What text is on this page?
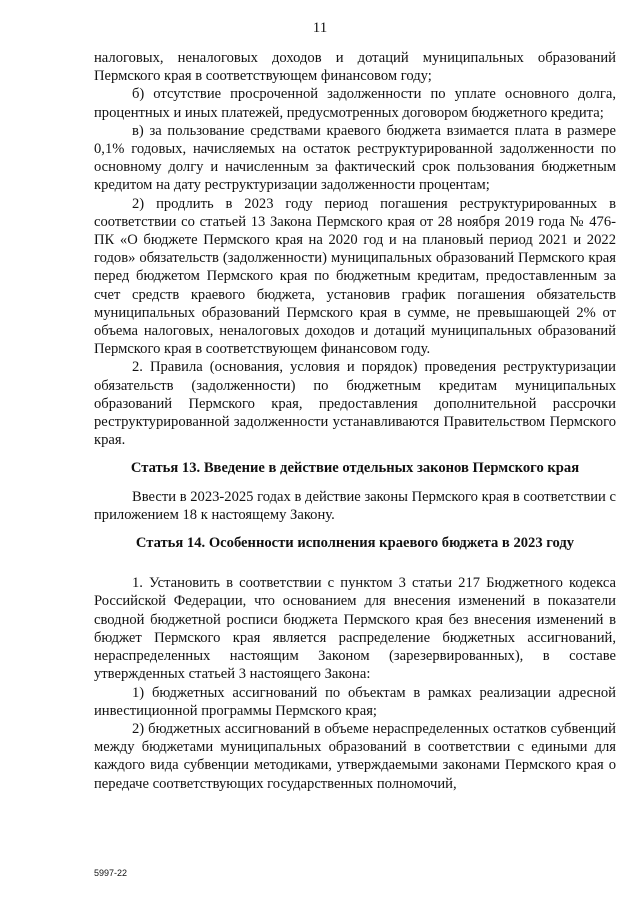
11

налоговых, неналоговых доходов и дотаций муниципальных образований Пермского края в соответствующем финансовом году;

б) отсутствие просроченной задолженности по уплате основного долга, процентных и иных платежей, предусмотренных договором бюджетного кредита;

в) за пользование средствами краевого бюджета взимается плата в размере 0,1% годовых, начисляемых на остаток реструктурированной задолженности по основному долгу и начисленным за фактический срок пользования бюджетным кредитом на дату реструктуризации задолженности процентам;

2) продлить в 2023 году период погашения реструктурированных в соответствии со статьей 13 Закона Пермского края от 28 ноября 2019 года № 476-ПК «О бюджете Пермского края на 2020 год и на плановый период 2021 и 2022 годов» обязательств (задолженности) муниципальных образований Пермского края перед бюджетом Пермского края по бюджетным кредитам, предоставленным за счет средств краевого бюджета, установив график погашения обязательств муниципальных образований Пермского края в сумме, не превышающей 2% от объема налоговых, неналоговых доходов и дотаций муниципальных образований Пермского края в соответствующем финансовом году.

2. Правила (основания, условия и порядок) проведения реструктуризации обязательств (задолженности) по бюджетным кредитам муниципальных образований Пермского края, предоставления дополнительной рассрочки реструктурированной задолженности устанавливаются Правительством Пермского края.

Статья 13. Введение в действие отдельных законов Пермского края

Ввести в 2023-2025 годах в действие законы Пермского края в соответствии с приложением 18 к настоящему Закону.

Статья 14. Особенности исполнения краевого бюджета в 2023 году

1. Установить в соответствии с пунктом 3 статьи 217 Бюджетного кодекса Российской Федерации, что основанием для внесения изменений в показатели сводной бюджетной росписи бюджета Пермского края без внесения изменений в бюджет Пермского края является распределение бюджетных ассигнований, нераспределенных настоящим Законом (зарезервированных), в составе утвержденных статьей 3 настоящего Закона:

1) бюджетных ассигнований по объектам в рамках реализации адресной инвестиционной программы Пермского края;

2) бюджетных ассигнований в объеме нераспределенных остатков субвенций между бюджетами муниципальных образований в соответствии с едиными для каждого вида субвенции методиками, утверждаемыми законами Пермского края о передаче соответствующих государственных полномочий,

5997-22
